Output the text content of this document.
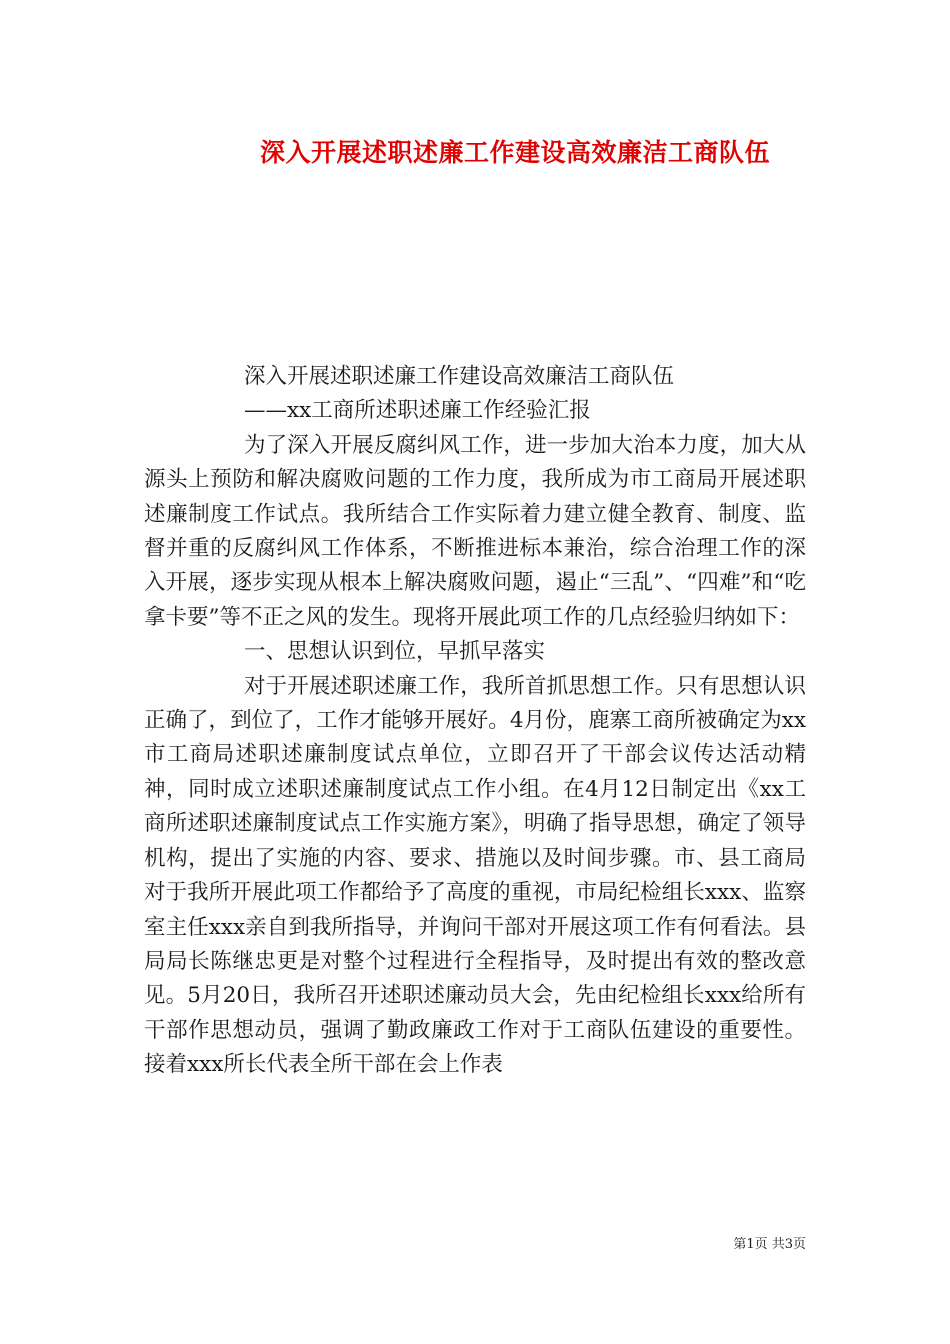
深入开展述职述廉工作建设高效廉洁工商队伍

深入开展述职述廉工作建设高效廉洁工商队伍

——xx工商所述职述廉工作经验汇报

为了深入开展反腐纠风工作，进一步加大治本力度，加大从源头上预防和解决腐败问题的工作力度，我所成为市工商局开展述职述廉制度工作试点。我所结合工作实际着力建立健全教育、制度、监督并重的反腐纠风工作体系，不断推进标本兼治，综合治理工作的深入开展，逐步实现从根本上解决腐败问题，遏止“三乱”、“四难”和“吃拿卡要”等不正之风的发生。现将开展此项工作的几点经验归纳如下：

一、思想认识到位，早抓早落实

对于开展述职述廉工作，我所首抓思想工作。只有思想认识正确了，到位了，工作才能够开展好。4月份，鹿寨工商所被确定为xx市工商局述职述廉制度试点单位，立即召开了干部会议传达活动精神，同时成立述职述廉制度试点工作小组。在4月12日制定出《xx工商所述职述廉制度试点工作实施方案》，明确了指导思想，确定了领导机构，提出了实施的内容、要求、措施以及时间步骤。市、县工商局对于我所开展此项工作都给予了高度的重视，市局纪检组长xxx、监察室主任xxx亲自到我所指导，并询问干部对开展这项工作有何看法。县局局长陈继忠更是对整个过程进行全程指导，及时提出有效的整改意见。5月20日，我所召开述职述廉动员大会，先由纪检组长xxx给所有干部作思想动员，强调了勤政廉政工作对于工商队伍建设的重要性。接着xxx所长代表全所干部在会上作表

第1页 共3页
